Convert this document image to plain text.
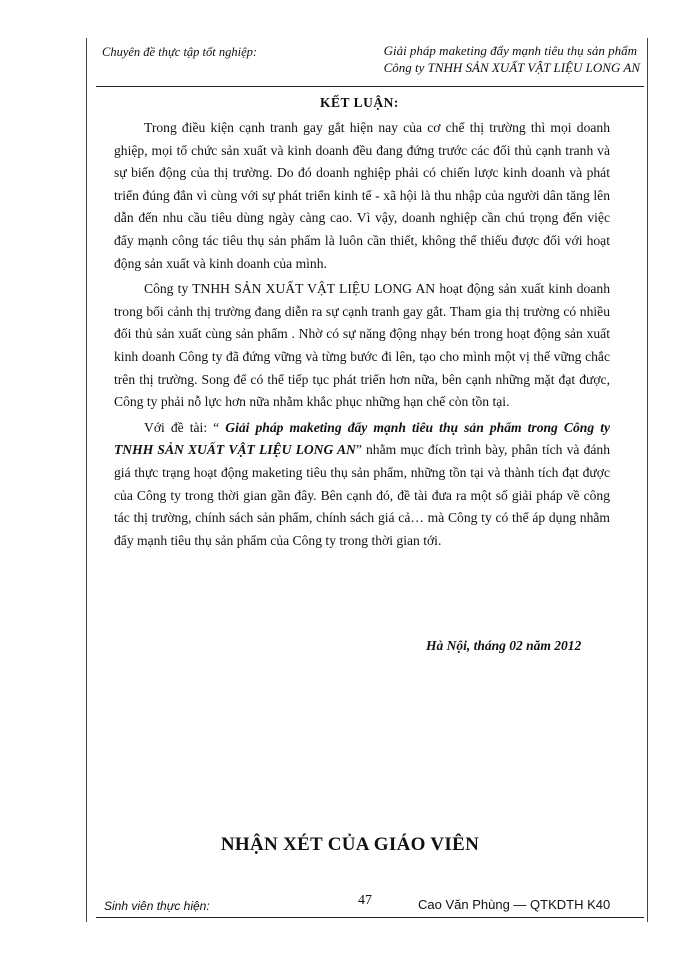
Chuyên đề thực tập tốt nghiệp:	Giải pháp maketing đẩy mạnh tiêu thụ sản phẩm
Công ty TNHH SẢN XUẤT VẬT LIỆU LONG AN
KẾT LUẬN:

Trong điều kiện cạnh tranh gay gắt hiện nay của cơ chế thị trường thì mọi doanh ghiệp, mọi tổ chức sản xuất và kinh doanh đều đang đứng trước các đối thủ cạnh tranh và sự biến động của thị trường. Do đó doanh nghiệp phải có chiến lược kinh doanh và phát triển đúng đắn vì cùng với sự phát triển kinh tế - xã hội là thu nhập của người dân tăng lên dẫn đến nhu cầu tiêu dùng ngày càng cao. Vì vậy, doanh nghiệp cần chú trọng đến việc đẩy mạnh công tác tiêu thụ sản phẩm là luôn cần thiết, không thể thiếu được đối với hoạt động sản xuất và kinh doanh của mình.

Công ty TNHH SẢN XUẤT VẬT LIỆU LONG AN hoạt động sản xuất kinh doanh trong bối cảnh thị trường đang diễn ra sự cạnh tranh gay gắt. Tham gia thị trường có nhiều đối thủ sản xuất cùng sản phẩm . Nhờ có sự năng động nhạy bén trong hoạt động sản xuất kinh doanh Công ty đã đứng vững và từng bước đi lên, tạo cho mình một vị thế vững chắc trên thị trường. Song để có thể tiếp tục phát triển hơn nữa, bên cạnh những mặt đạt được, Công ty phải nỗ lực hơn nữa nhằm khắc phục những hạn chế còn tồn tại.

Với đề tài: “ Giải pháp maketing đẩy mạnh tiêu thụ sản phẩm trong Công ty TNHH SẢN XUẤT VẬT LIỆU LONG AN” nhằm mục đích trình bày, phân tích và đánh giá thực trạng hoạt động maketing tiêu thụ sản phẩm, những tồn tại và thành tích đạt được của Công ty trong thời gian gần đây. Bên cạnh đó, đề tài đưa ra một số giải pháp về công tác thị trường, chính sách sản phẩm, chính sách giá cả… mà Công ty có thể áp dụng nhằm đẩy mạnh tiêu thụ sản phẩm của Công ty trong thời gian tới.

Hà Nội, tháng 02 năm 2012
NHẬN XÉT CỦA GIÁO VIÊN
Sinh viên thực hiện:	47	Cao Văn Phùng — QTKDTH K40
